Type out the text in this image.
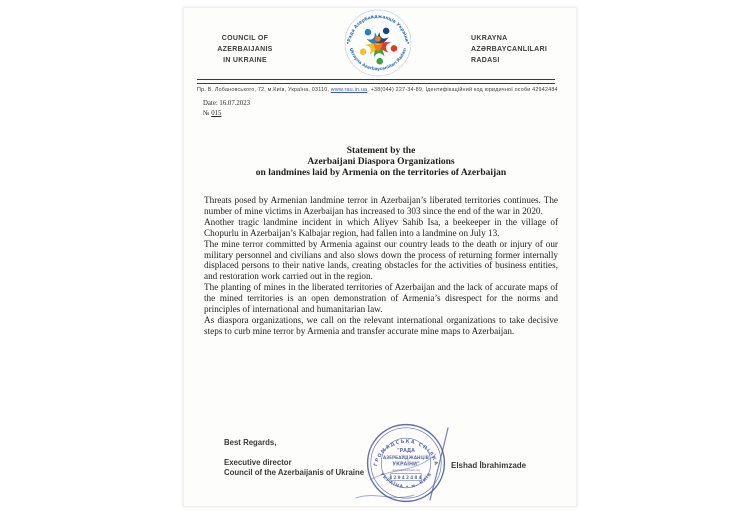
COUNCIL OF
AZERBAIJANIS
IN UKRAINE
Рада Азербайджанців України
Ukrayna Azərbaycanlıları Radası
UKRAYNA
AZƏRBAYCANLILARI
RADASI
Пр. В. Лобановського, 72, м.Київ, Україна, 03110, www.rau.in.ua, +38(044) 227-34-89, Ідентифікаційний код юридичної особи 42942484
Date: 16.07.2023
№ 015
Statement by the
Azerbaijani Diaspora Organizations
on landmines laid by Armenia on the territories of Azerbaijan

Threats posed by Armenian landmine terror in Azerbaijan’s liberated territories continues. The number of mine victims in Azerbaijan has increased to 303 since the end of the war in 2020.

Another tragic landmine incident in which Aliyev Sahib Isa, a beekeeper in the village of Chopurlu in Azerbaijan’s Kalbajar region, had fallen into a landmine on July 13.

The mine terror committed by Armenia against our country leads to the death or injury of our military personnel and civilians and also slows down the process of returning former internally displaced persons to their native lands, creating obstacles for the activities of business entities, and restoration work carried out in the region.

The planting of mines in the liberated territories of Azerbaijan and the lack of accurate maps of the mined territories is an open demonstration of Armenia’s disrespect for the norms and principles of international and humanitarian law.

As diaspora organizations, we call on the relevant international organizations to take decisive steps to curb mine terror by Armenia and transfer accurate mine maps to Azerbaijan.

Best Regards,
Executive director
Council of the Azerbaijanis of Ukraine
Elshad İbrahimzade
ГРОМАДСЬКА СПІЛКА
УКРАЇНА • м. КИЇВ
"РАДА
АЗЕРБАЙДЖАНЦІВ
УКРАЇНИ"
ідентифікаційний код
42942484
